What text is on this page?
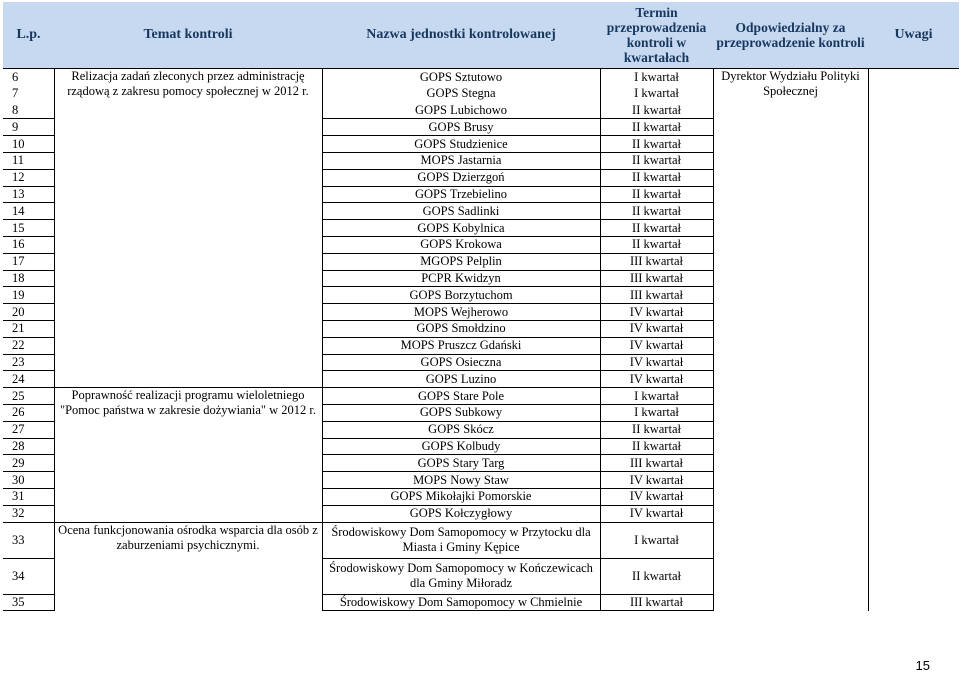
L.p.	Temat kontroli	Nazwa jednostki kontrolowanej	Termin przeprowadzenia kontroli w kwartałach	Odpowiedzialny za przeprowadzenie kontroli	Uwagi
6	Relizacja zadań zleconych przez administrację rządową z zakresu pomocy społecznej w 2012 r.	GOPS Sztutowo	I kwartał	Dyrektor Wydziału Polityki Społecznej	
7		GOPS Stegna	I kwartał		
8		GOPS Lubichowo	II kwartał		
9		GOPS Brusy	II kwartał		
10		GOPS Studzienice	II kwartał		
11		MOPS Jastarnia	II kwartał		
12		GOPS Dzierzgoń	II kwartał		
13		GOPS Trzebielino	II kwartał		
14		GOPS Sadlinki	II kwartał		
15		GOPS Kobylnica	II kwartał		
16		GOPS Krokowa	II kwartał		
17		MGOPS Pelplin	III kwartał		
18		PCPR Kwidzyn	III kwartał		
19		GOPS Borzytuchom	III kwartał		
20		MOPS Wejherowo	IV kwartał		
21		GOPS Smołdzino	IV kwartał		
22		MOPS Pruszcz Gdański	IV kwartał		
23		GOPS Osieczna	IV kwartał		
24		GOPS Luzino	IV kwartał		
25	Poprawność realizacji programu wieloletniego "Pomoc państwa w zakresie dożywiania" w 2012 r.	GOPS Stare Pole	I kwartał		
26		GOPS Subkowy	I kwartał		
27		GOPS Skócz	II kwartał		
28		GOPS Kolbudy	II kwartał		
29		GOPS Stary Targ	III kwartał		
30		MOPS Nowy Staw	IV kwartał		
31		GOPS Mikołajki Pomorskie	IV kwartał		
32		GOPS Kołczygłowy	IV kwartał		
33	Ocena funkcjonowania ośrodka wsparcia dla osób z zaburzeniami psychicznymi.	Środowiskowy Dom Samopomocy w Przytocku dla Miasta i Gminy Kępice	I kwartał		
34		Środowiskowy Dom Samopomocy w Kończewicach dla Gminy Miłoradz	II kwartał		
35		Środowiskowy Dom Samopomocy w Chmielnie	III kwartał		
15
